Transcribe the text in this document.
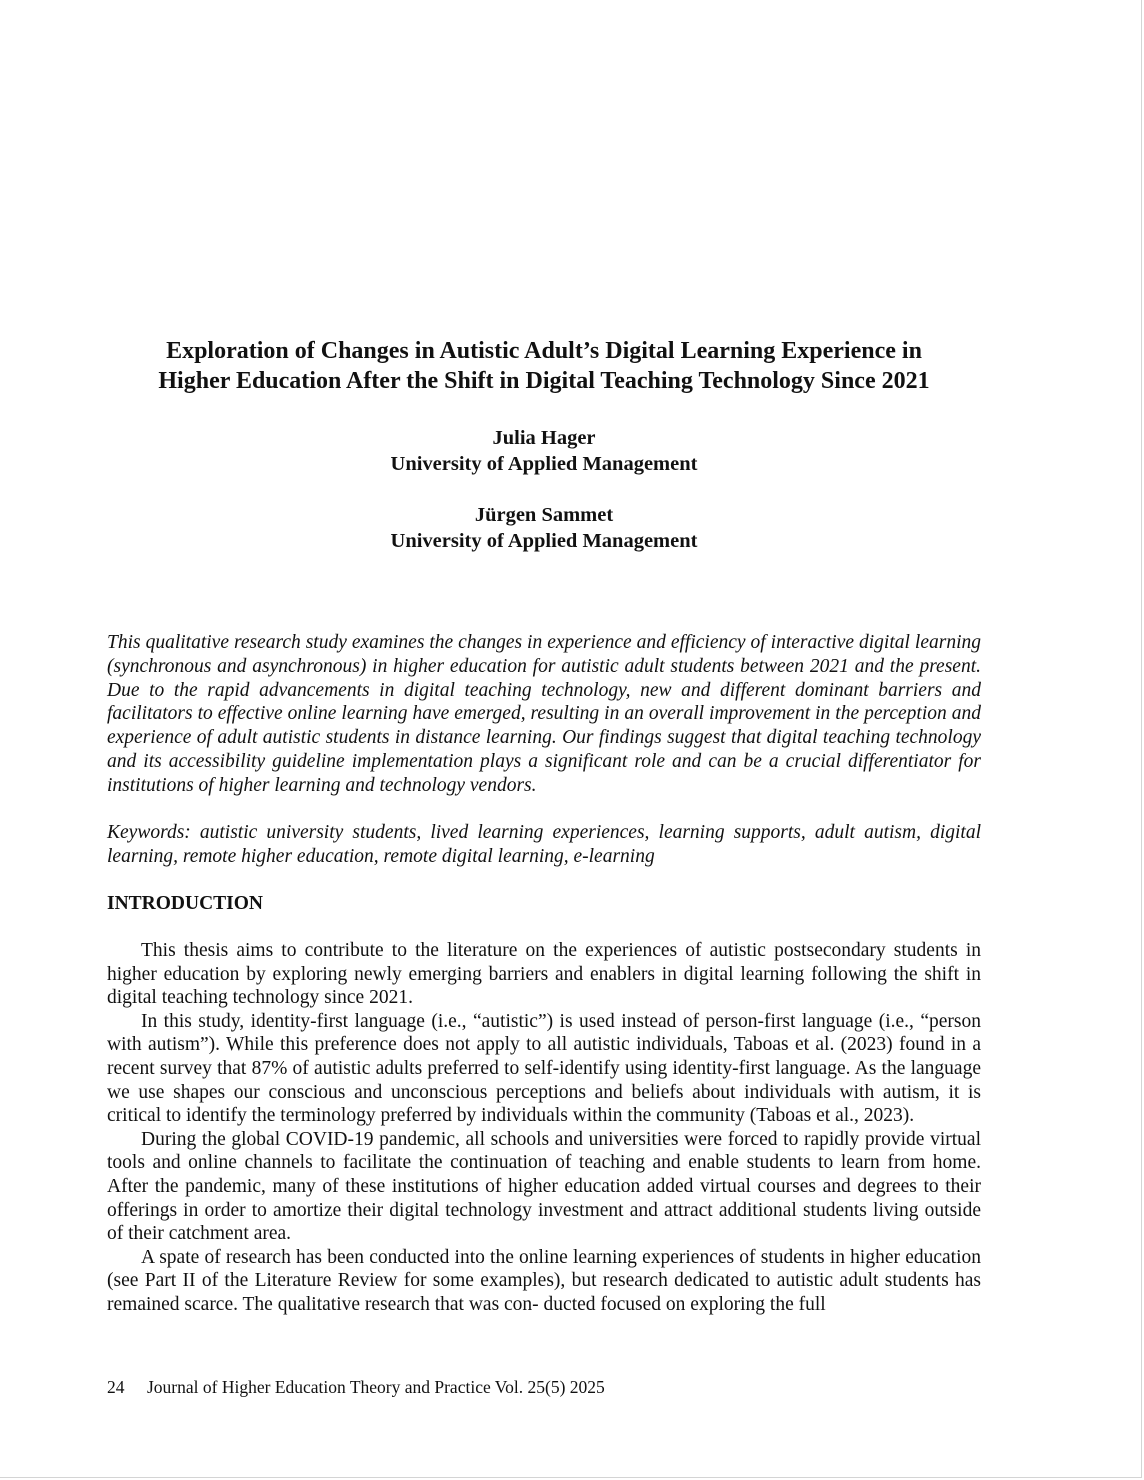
Exploration of Changes in Autistic Adult’s Digital Learning Experience in
Higher Education After the Shift in Digital Teaching Technology Since 2021
Julia Hager
University of Applied Management
Jürgen Sammet
University of Applied Management

This qualitative research study examines the changes in experience and efficiency of interactive digital learning (synchronous and asynchronous) in higher education for autistic adult students between 2021 and the present. Due to the rapid advancements in digital teaching technology, new and different dominant barriers and facilitators to effective online learning have emerged, resulting in an overall improvement in the perception and experience of adult autistic students in distance learning. Our findings suggest that digital teaching technology and its accessibility guideline implementation plays a significant role and can be a crucial differentiator for institutions of higher learning and technology vendors.

Keywords: autistic university students, lived learning experiences, learning supports, adult autism, digital learning, remote higher education, remote digital learning, e-learning

INTRODUCTION

This thesis aims to contribute to the literature on the experiences of autistic postsecondary students in higher education by exploring newly emerging barriers and enablers in digital learning following the shift in digital teaching technology since 2021.

In this study, identity-first language (i.e., “autistic”) is used instead of person-first language (i.e., “person with autism”). While this preference does not apply to all autistic individuals, Taboas et al. (2023) found in a recent survey that 87% of autistic adults preferred to self-identify using identity-first language. As the language we use shapes our conscious and unconscious perceptions and beliefs about individuals with autism, it is critical to identify the terminology preferred by individuals within the community (Taboas et al., 2023).

During the global COVID-19 pandemic, all schools and universities were forced to rapidly provide virtual tools and online channels to facilitate the continuation of teaching and enable students to learn from home. After the pandemic, many of these institutions of higher education added virtual courses and degrees to their offerings in order to amortize their digital technology investment and attract additional students living outside of their catchment area.

A spate of research has been conducted into the online learning experiences of students in higher education (see Part II of the Literature Review for some examples), but research dedicated to autistic adult students has remained scarce. The qualitative research that was con- ducted focused on exploring the full

24 Journal of Higher Education Theory and Practice Vol. 25(5) 2025
